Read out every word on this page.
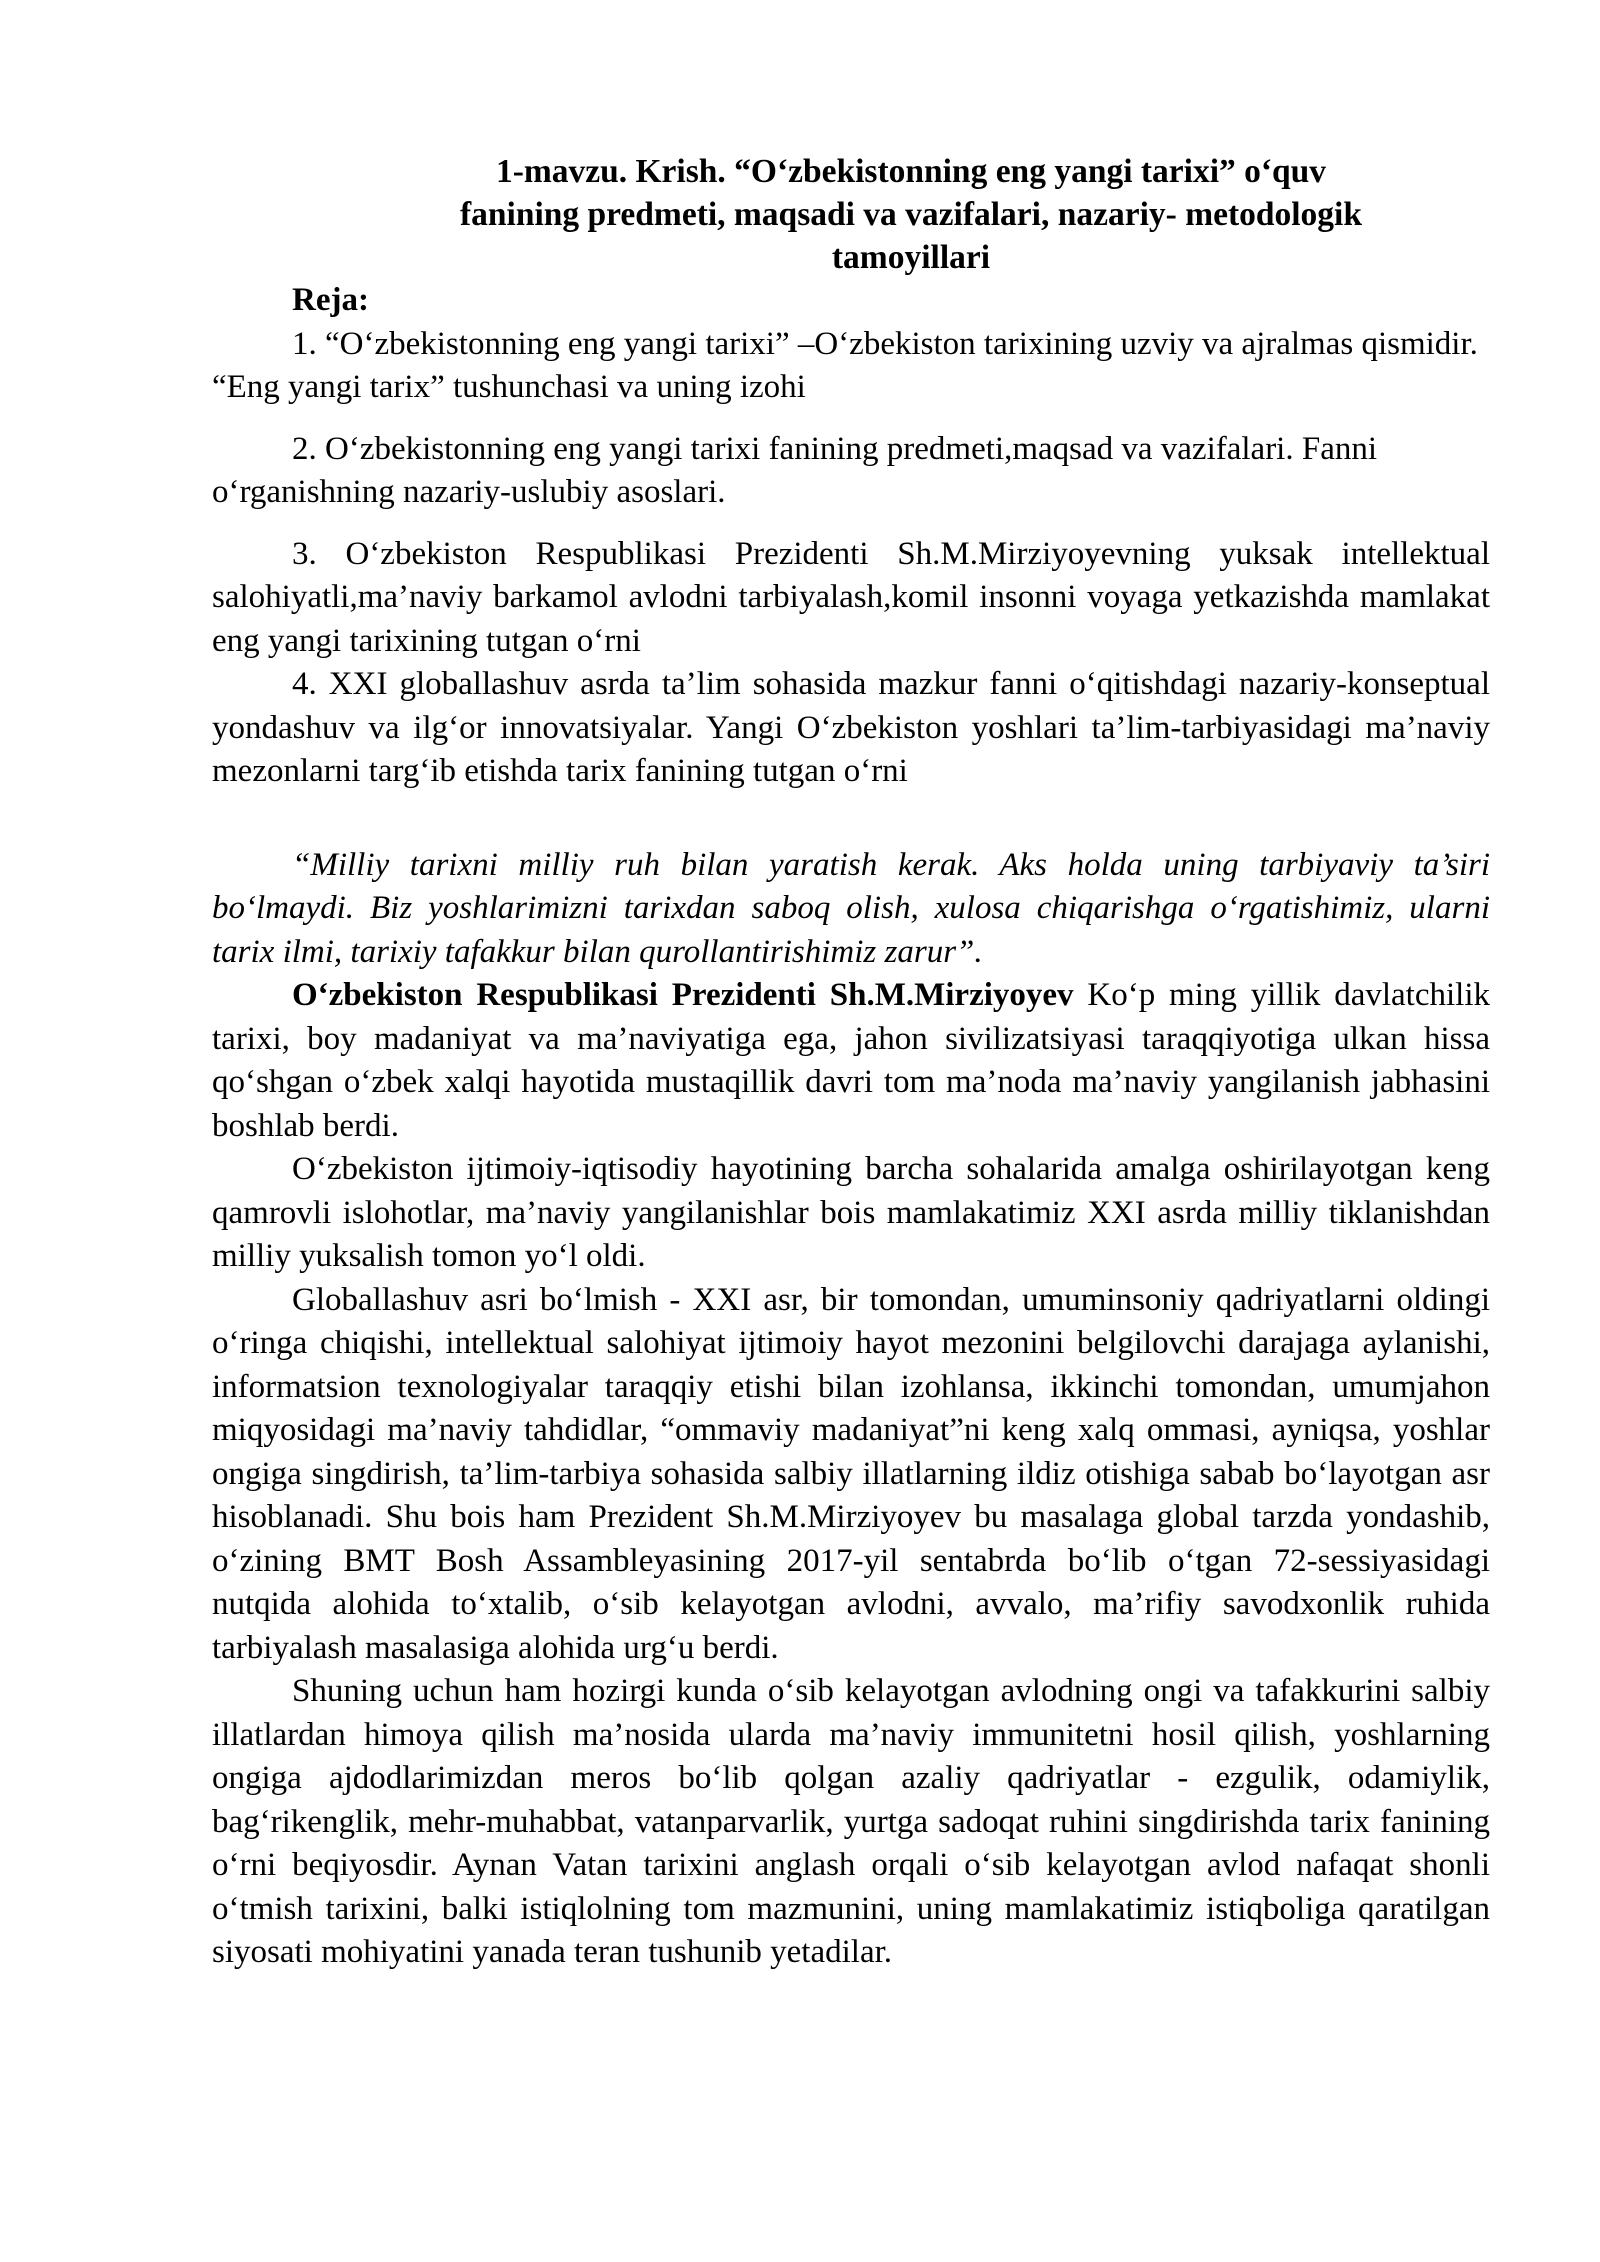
1-mavzu. Krish. “O‘zbekistonning eng yangi tarixi” o‘quv
fanining predmeti, maqsadi va vazifalari, nazariy- metodologik
tamoyillari
Reja:

1. “O‘zbekistonning eng yangi tarixi” –O‘zbekiston tarixining uzviy va ajralmas qismidir. “Eng yangi tarix” tushunchasi va uning izohi

2. O‘zbekistonning eng yangi tarixi fanining predmeti,maqsad va vazifalari. Fanni o‘rganishning nazariy-uslubiy asoslari.

3. O‘zbekiston Respublikasi Prezidenti Sh.M.Mirziyoyevning yuksak intellektual salohiyatli,ma’naviy barkamol avlodni tarbiyalash,komil insonni voyaga yetkazishda mamlakat eng yangi tarixining tutgan o‘rni

4. XXI globallashuv asrda ta’lim sohasida mazkur fanni o‘qitishdagi nazariy-konseptual yondashuv va ilg‘or innovatsiyalar. Yangi O‘zbekiston yoshlari ta’lim-tarbiyasidagi ma’naviy mezonlarni targ‘ib etishda tarix fanining tutgan o‘rni

“Milliy tarixni milliy ruh bilan yaratish kerak. Aks holda uning tarbiyaviy ta’siri bo‘lmaydi. Biz yoshlarimizni tarixdan saboq olish, xulosa chiqarishga o‘rgatishimiz, ularni tarix ilmi, tarixiy tafakkur bilan qurollantirishimiz zarur”.

O‘zbekiston Respublikasi Prezidenti Sh.M.Mirziyoyev Ko‘p ming yillik davlatchilik tarixi, boy madaniyat va ma’naviyatiga ega, jahon sivilizatsiyasi taraqqiyotiga ulkan hissa qo‘shgan o‘zbek xalqi hayotida mustaqillik davri tom ma’noda ma’naviy yangilanish jabhasini boshlab berdi.

O‘zbekiston ijtimoiy-iqtisodiy hayotining barcha sohalarida amalga oshirilayotgan keng qamrovli islohotlar, ma’naviy yangilanishlar bois mamlakatimiz XXI asrda milliy tiklanishdan milliy yuksalish tomon yo‘l oldi.

Globallashuv asri bo‘lmish - XXI asr, bir tomondan, umuminsoniy qadriyatlarni oldingi o‘ringa chiqishi, intellektual salohiyat ijtimoiy hayot mezonini belgilovchi darajaga aylanishi, informatsion texnologiyalar taraqqiy etishi bilan izohlansa, ikkinchi tomondan, umumjahon miqyosidagi ma’naviy tahdidlar, “ommaviy madaniyat”ni keng xalq ommasi, ayniqsa, yoshlar ongiga singdirish, ta’lim-tarbiya sohasida salbiy illatlarning ildiz otishiga sabab bo‘layotgan asr hisoblanadi. Shu bois ham Prezident Sh.M.Mirziyoyev bu masalaga global tarzda yondashib, o‘zining BMT Bosh Assambleyasining 2017-yil sentabrda bo‘lib o‘tgan 72-sessiyasidagi nutqida alohida to‘xtalib, o‘sib kelayotgan avlodni, avvalo, ma’rifiy savodxonlik ruhida tarbiyalash masalasiga alohida urg‘u berdi.

Shuning uchun ham hozirgi kunda o‘sib kelayotgan avlodning ongi va tafakkurini salbiy illatlardan himoya qilish ma’nosida ularda ma’naviy immunitetni hosil qilish, yoshlarning ongiga ajdodlarimizdan meros bo‘lib qolgan azaliy qadriyatlar - ezgulik, odamiylik, bag‘rikenglik, mehr-muhabbat, vatanparvarlik, yurtga sadoqat ruhini singdirishda tarix fanining o‘rni beqiyosdir. Aynan Vatan tarixini anglash orqali o‘sib kelayotgan avlod nafaqat shonli o‘tmish tarixini, balki istiqlolning tom mazmunini, uning mamlakatimiz istiqboliga qaratilgan siyosati mohiyatini yanada teran tushunib yetadilar.
